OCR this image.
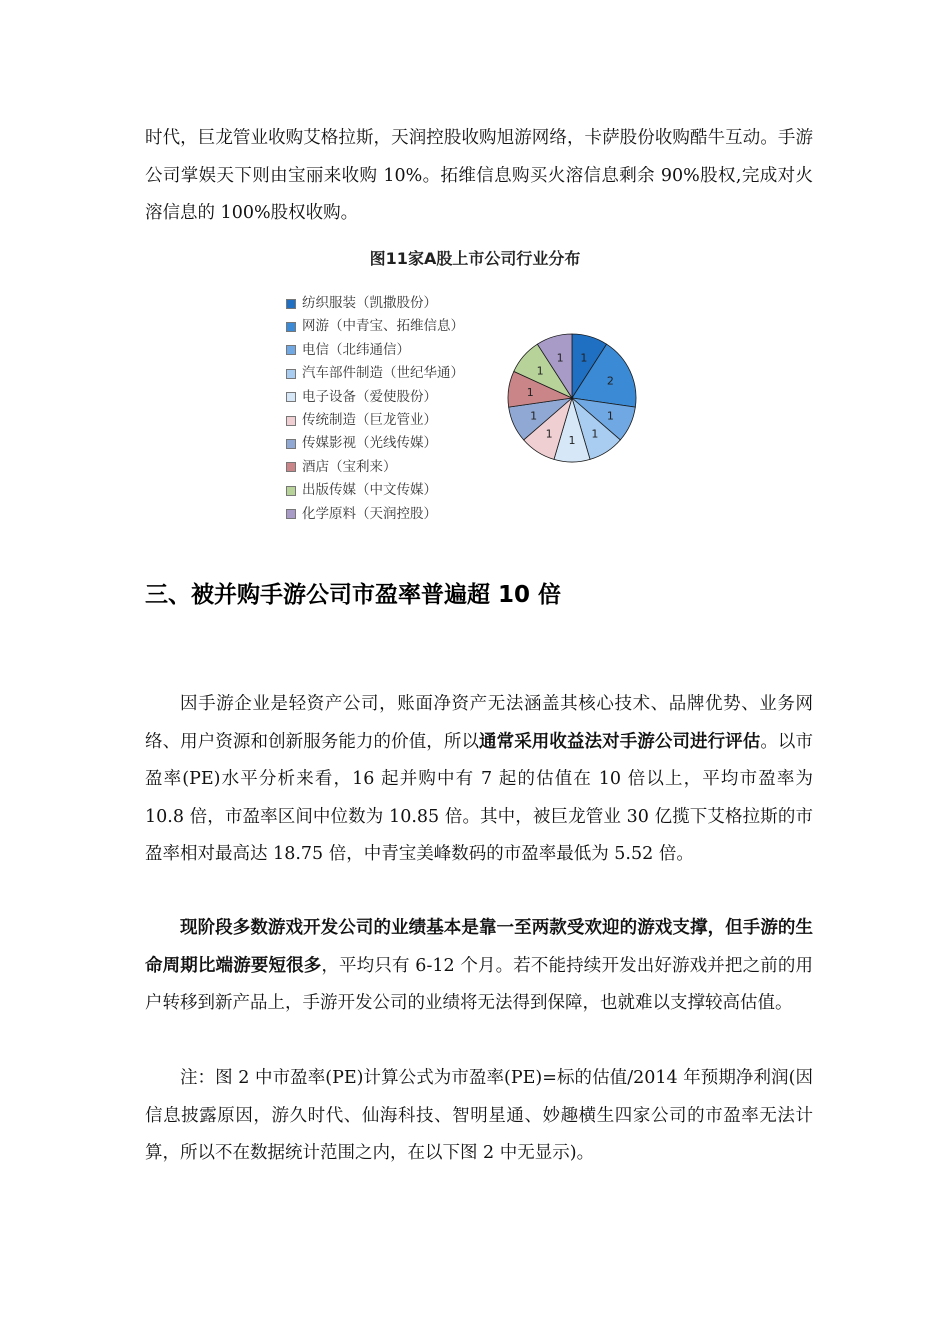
时代，巨龙管业收购艾格拉斯，天润控股收购旭游网络，卡萨股份收购酷牛互动。手游公司掌娱天下则由宝丽来收购 10%。拓维信息购买火溶信息剩余 90%股权,完成对火溶信息的 100%股权收购。

图11家A股上市公司行业分布
纺织服装（凯撒股份）
网游（中青宝、拓维信息）
电信（北纬通信）
汽车部件制造（世纪华通）
电子设备（爱使股份）
传统制造（巨龙管业）
传媒影视（光线传媒）
酒店（宝利来）
出版传媒（中文传媒）
化学原料（天润控股）
1
2
1
1
1
1
1
1
1
1
三、被并购手游公司市盈率普遍超 10 倍

因手游企业是轻资产公司，账面净资产无法涵盖其核心技术、品牌优势、业务网络、用户资源和创新服务能力的价值，所以通常采用收益法对手游公司进行评估。以市盈率(PE)水平分析来看，16 起并购中有 7 起的估值在 10 倍以上，平均市盈率为 10.8 倍，市盈率区间中位数为 10.85 倍。其中，被巨龙管业 30 亿揽下艾格拉斯的市盈率相对最高达 18.75 倍，中青宝美峰数码的市盈率最低为 5.52 倍。

现阶段多数游戏开发公司的业绩基本是靠一至两款受欢迎的游戏支撑，但手游的生命周期比端游要短很多，平均只有 6-12 个月。若不能持续开发出好游戏并把之前的用户转移到新产品上，手游开发公司的业绩将无法得到保障，也就难以支撑较高估值。

注：图 2 中市盈率(PE)计算公式为市盈率(PE)=标的估值/2014 年预期净利润(因信息披露原因，游久时代、仙海科技、智明星通、妙趣横生四家公司的市盈率无法计算，所以不在数据统计范围之内，在以下图 2 中无显示)。
